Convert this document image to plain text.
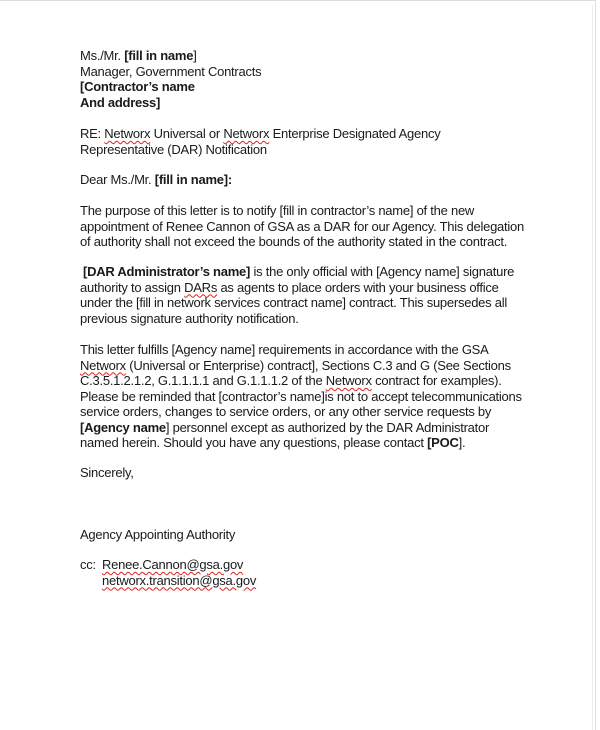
Ms./Mr. [fill in name]
Manager, Government Contracts
[Contractor’s name
And address]
RE: Networx Universal or Networx Enterprise Designated Agency
Representative (DAR) Notification
Dear Ms./Mr. [fill in name]:
The purpose of this letter is to notify [fill in contractor’s name] of the new
appointment of Renee Cannon of GSA as a DAR for our Agency. This delegation
of authority shall not exceed the bounds of the authority stated in the contract.
[DAR Administrator’s name] is the only official with [Agency name] signature
authority to assign DARs as agents to place orders with your business office
under the [fill in network services contract name] contract. This supersedes all
previous signature authority notification.
This letter fulfills [Agency name] requirements in accordance with the GSA
Networx (Universal or Enterprise) contract], Sections C.3 and G (See Sections
C.3.5.1.2.1.2, G.1.1.1.1 and G.1.1.1.2 of the Networx contract for examples).
Please be reminded that [contractor’s name]is not to accept telecommunications
service orders, changes to service orders, or any other service requests by
[Agency name] personnel except as authorized by the DAR Administrator
named herein. Should you have any questions, please contact [POC].
Sincerely,
Agency Appointing Authority
cc:Renee.Cannon@gsa.gov
networx.transition@gsa.gov
